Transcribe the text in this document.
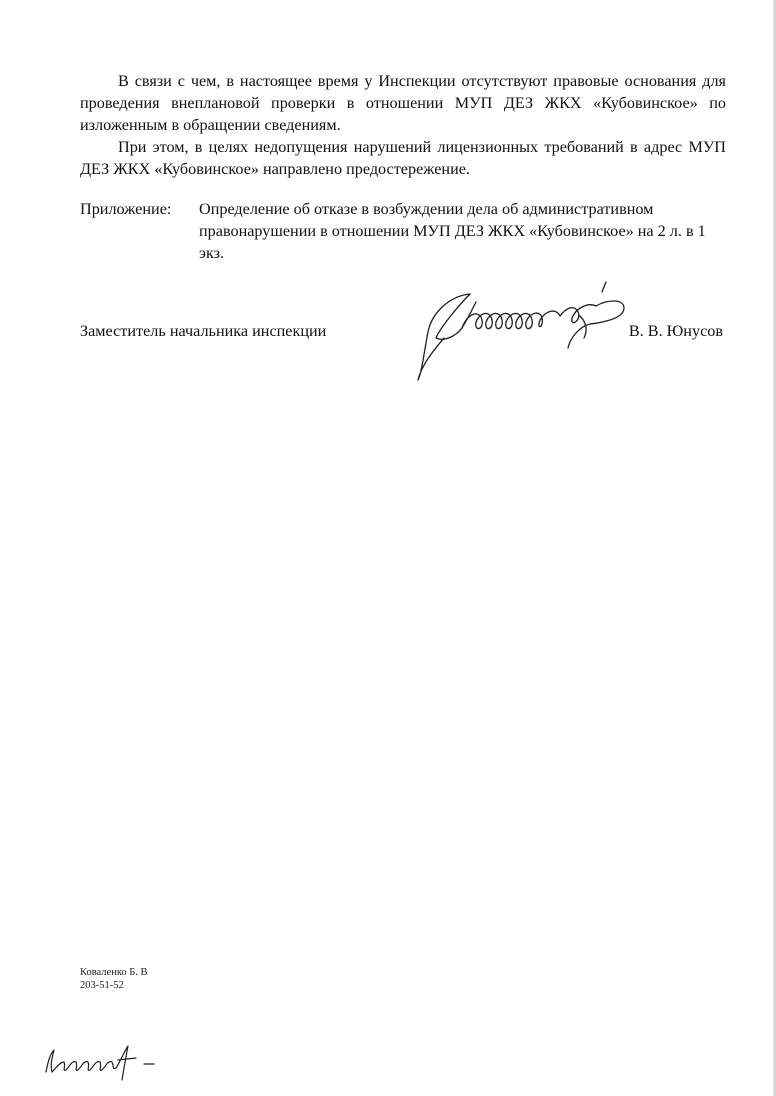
В связи с чем, в настоящее время у Инспекции отсутствуют правовые основания для проведения внеплановой проверки в отношении МУП ДЕЗ ЖКХ «Кубовинское» по изложенным в обращении сведениям.

При этом, в целях недопущения нарушений лицензионных требований в адрес МУП ДЕЗ ЖКХ «Кубовинское» направлено предостережение.

Приложение:	Определение об отказе в возбуждении дела об административном правонарушении в отношении МУП ДЕЗ ЖКХ «Кубовинское» на 2 л. в 1 экз.
Заместитель начальника инспекции	В. В. Юнусов
Коваленко Б. В
203-51-52
